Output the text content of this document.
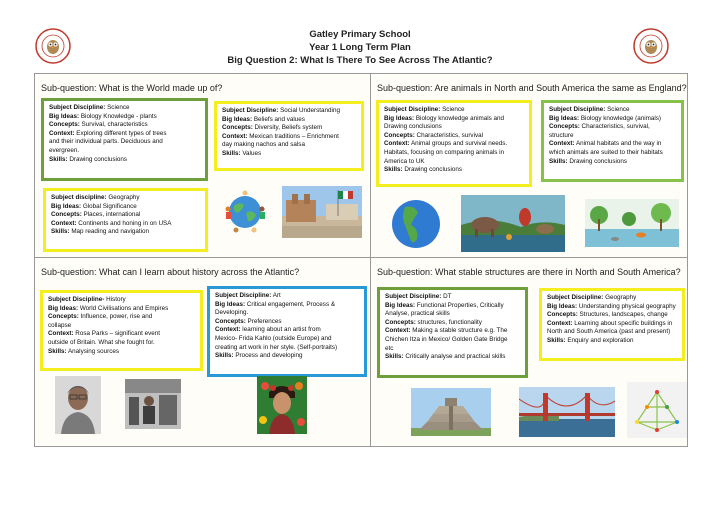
Gatley Primary School
Year 1 Long Term Plan
Big Question 2: What Is There To See Across The Atlantic?
Sub-question: What is the World made up of?
Subject Discipline: Science
Big Ideas: Biology Knowledge - plants
Concepts: Survival, characteristics
Context: Exploring different types of trees
and their individual parts. Deciduous and
evergreen.
Skills: Drawing conclusions
Subject Discipline: Social Understanding
Big Ideas: Beliefs and values
Concepts: Diversity, Beliefs system
Context: Mexican traditions – Enrichment
day making nachos and salsa
Skills: Values
Subject discipline: Geography
Big Ideas: Global Significance
Concepts: Places, international
Context: Continents and honing in on USA
Skills: Map reading and navigation
Sub-question: Are animals in North and South America the same as England?
Subject Discipline: Science
Big Ideas: Biology knowledge animals and
Drawing conclusions
Concepts: Characteristics, survival
Context: Animal groups and survival needs.
Habitats, focusing on comparing animals in
America to UK
Skills: Drawing conclusions
Subject Discipline: Science
Big Ideas: Biology knowledge (animals)
Concepts: Characteristics, survival,
structure
Context: Animal habitats and the way in
which animals are suited to their habitats
Skills: Drawing conclusions
Sub-question: What can I learn about history across the Atlantic?
Subject Discipline- History
Big Ideas: World Civilisations and Empires
Concepts: Influence, power, rise and
collapse
Context: Rosa Parks – significant event
outside of Britain. What she fought for.
Skills: Analysing sources
Subject Discipline: Art
Big Ideas: Critical engagement, Process &
Developing.
Concepts: Preferences
Context: learning about an artist from
Mexico- Frida Kahlo (outside Europe) and
creating art work in her style. (Self-portraits)
Skills: Process and developing
Sub-question: What stable structures are there in North and South America?
Subject Discipline: DT
Big Ideas: Functional Properties, Critically
Analyse, practical skills
Concepts: structures, functionality
Context: Making a stable structure e.g. The
Chichen Itza in Mexico/ Golden Gate Bridge
etc
Skills: Critically analyse and practical skills
Subject Discipline: Geography
Big Ideas: Understanding physical geography
Concepts: Structures, landscapes, change
Context: Learning about specific buildings in
North and South America (past and present)
Skills: Enquiry and exploration
